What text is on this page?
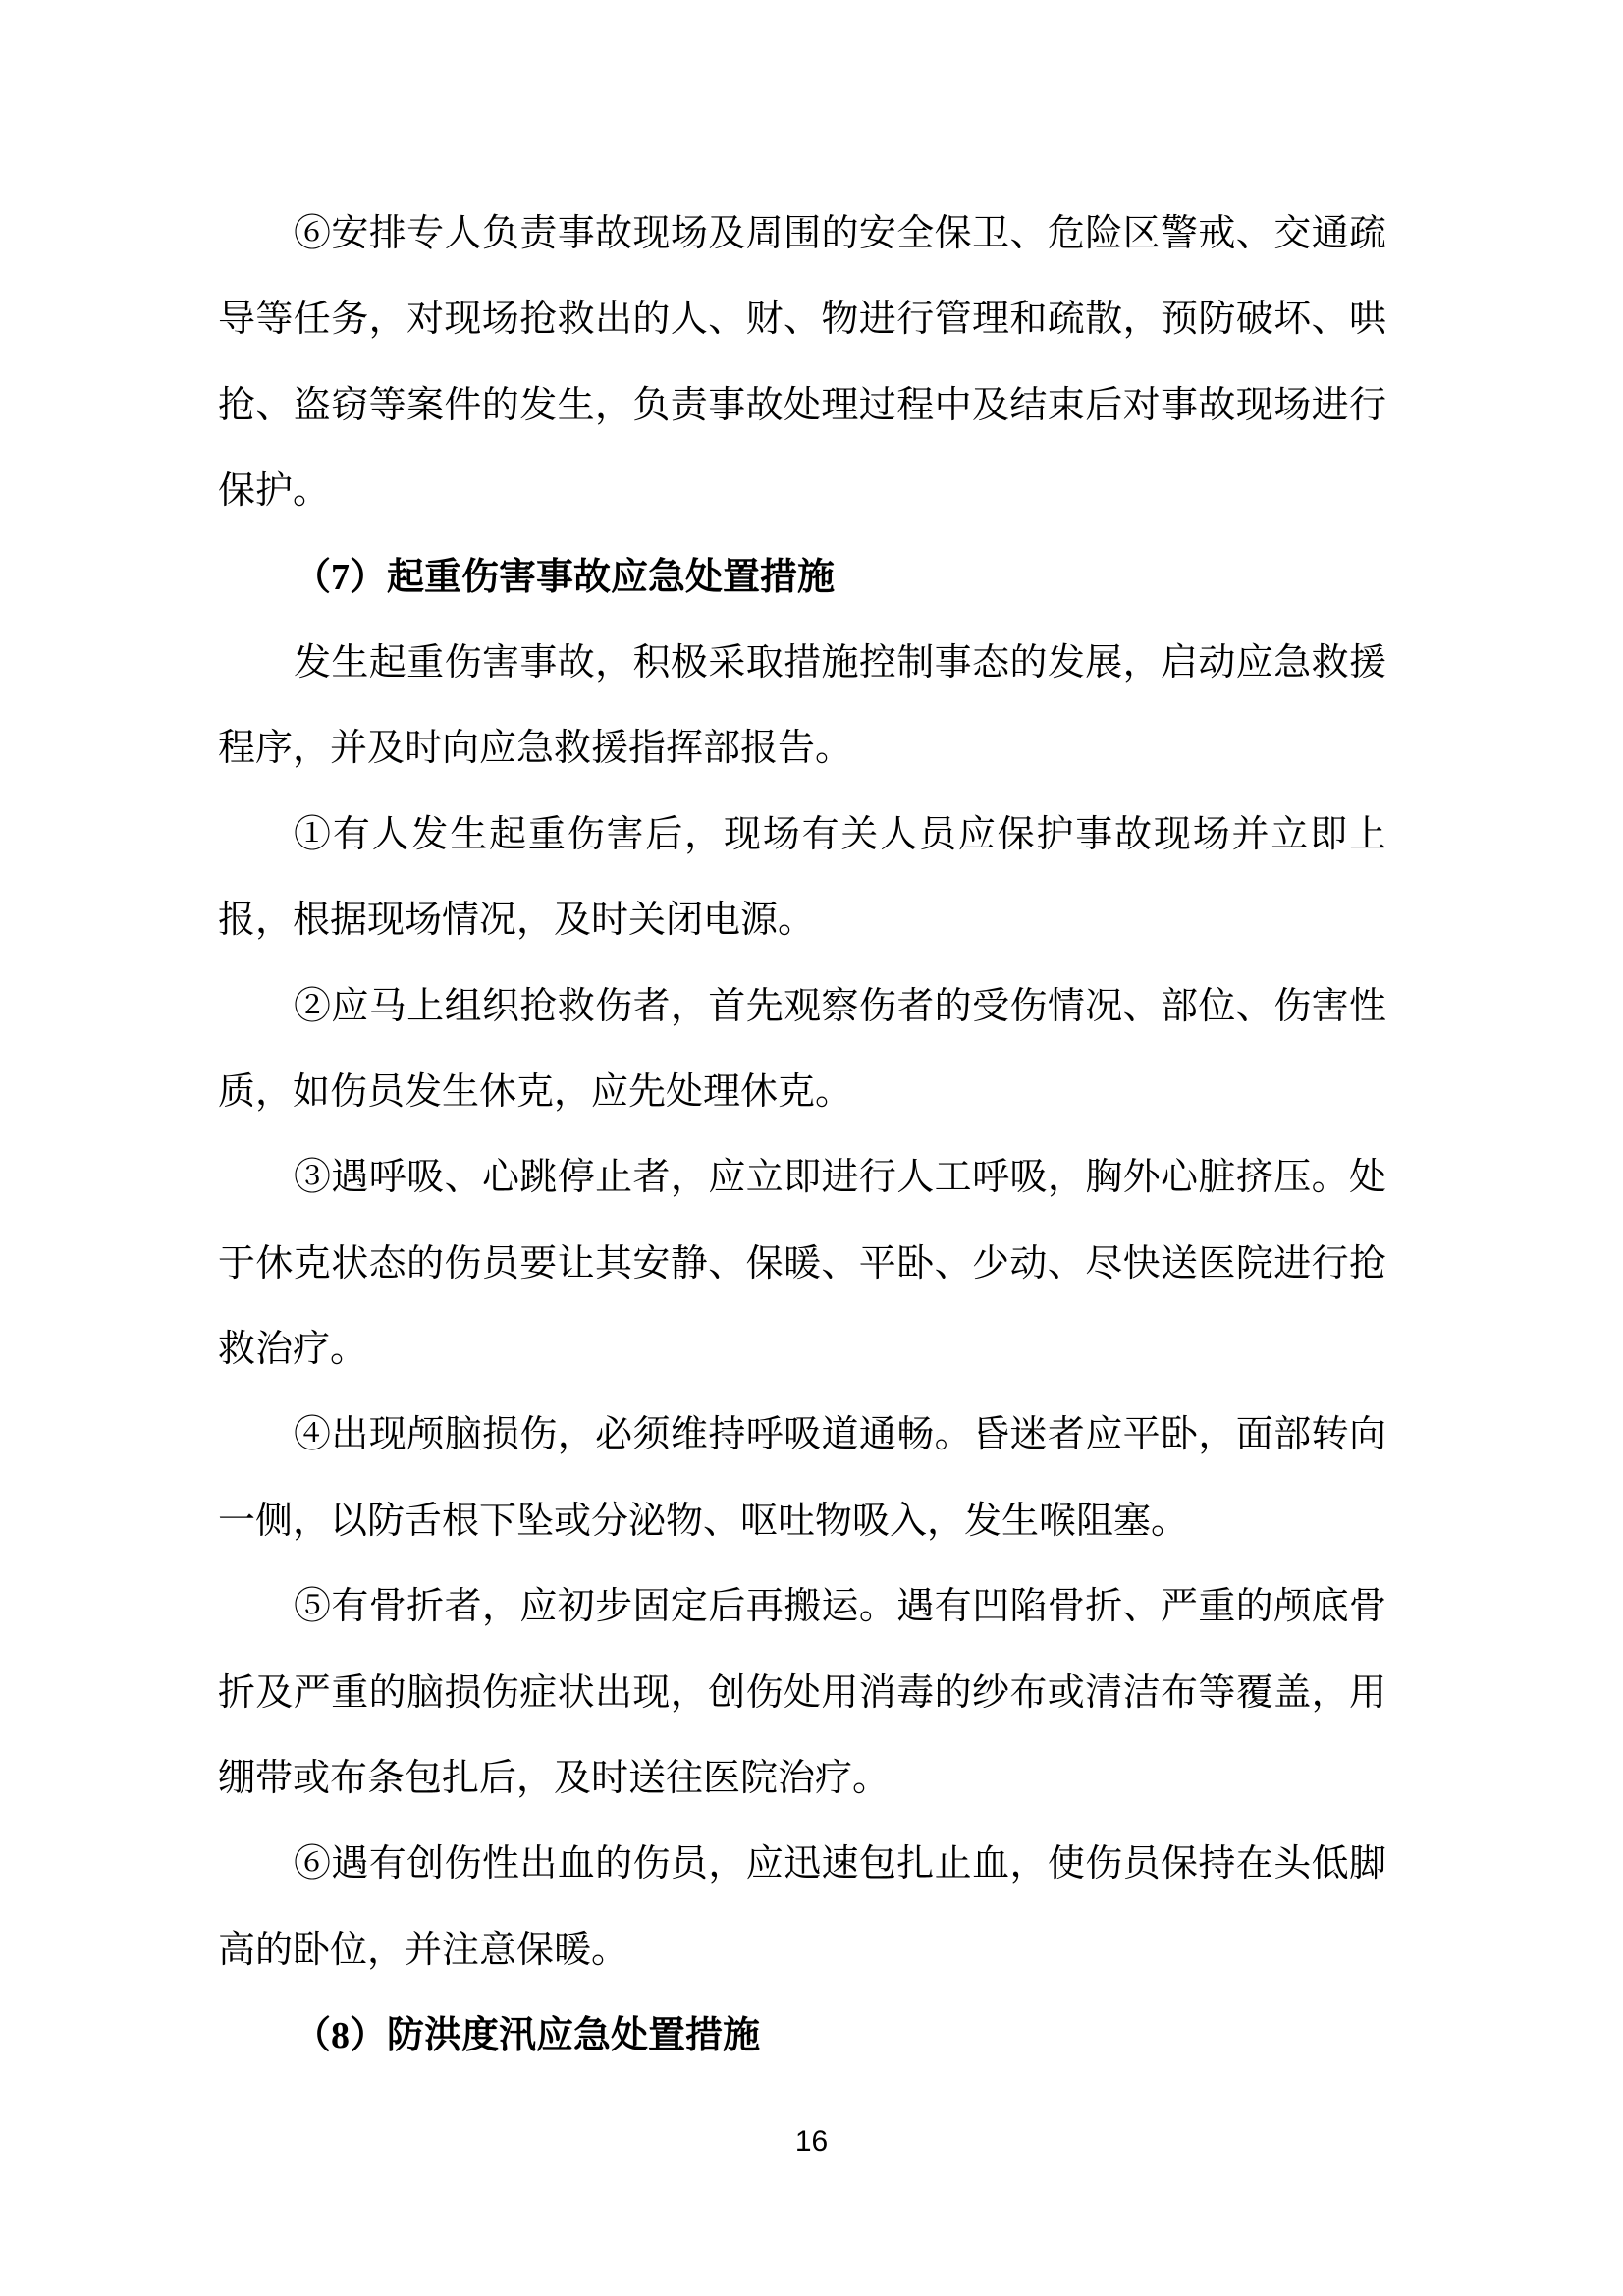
⑥安排专人负责事故现场及周围的安全保卫、危险区警戒、交通疏
导等任务，对现场抢救出的人、财、物进行管理和疏散，预防破坏、哄
抢、盗窃等案件的发生，负责事故处理过程中及结束后对事故现场进行
保护。
（7）起重伤害事故应急处置措施
发生起重伤害事故，积极采取措施控制事态的发展，启动应急救援
程序，并及时向应急救援指挥部报告。
①有人发生起重伤害后，现场有关人员应保护事故现场并立即上
报，根据现场情况，及时关闭电源。
②应马上组织抢救伤者，首先观察伤者的受伤情况、部位、伤害性
质，如伤员发生休克，应先处理休克。
③遇呼吸、心跳停止者，应立即进行人工呼吸，胸外心脏挤压。处
于休克状态的伤员要让其安静、保暖、平卧、少动、尽快送医院进行抢
救治疗。
④出现颅脑损伤，必须维持呼吸道通畅。昏迷者应平卧，面部转向
一侧，以防舌根下坠或分泌物、呕吐物吸入，发生喉阻塞。
⑤有骨折者，应初步固定后再搬运。遇有凹陷骨折、严重的颅底骨
折及严重的脑损伤症状出现，创伤处用消毒的纱布或清洁布等覆盖，用
绷带或布条包扎后，及时送往医院治疗。
⑥遇有创伤性出血的伤员，应迅速包扎止血，使伤员保持在头低脚
高的卧位，并注意保暖。
（8）防洪度汛应急处置措施
16
